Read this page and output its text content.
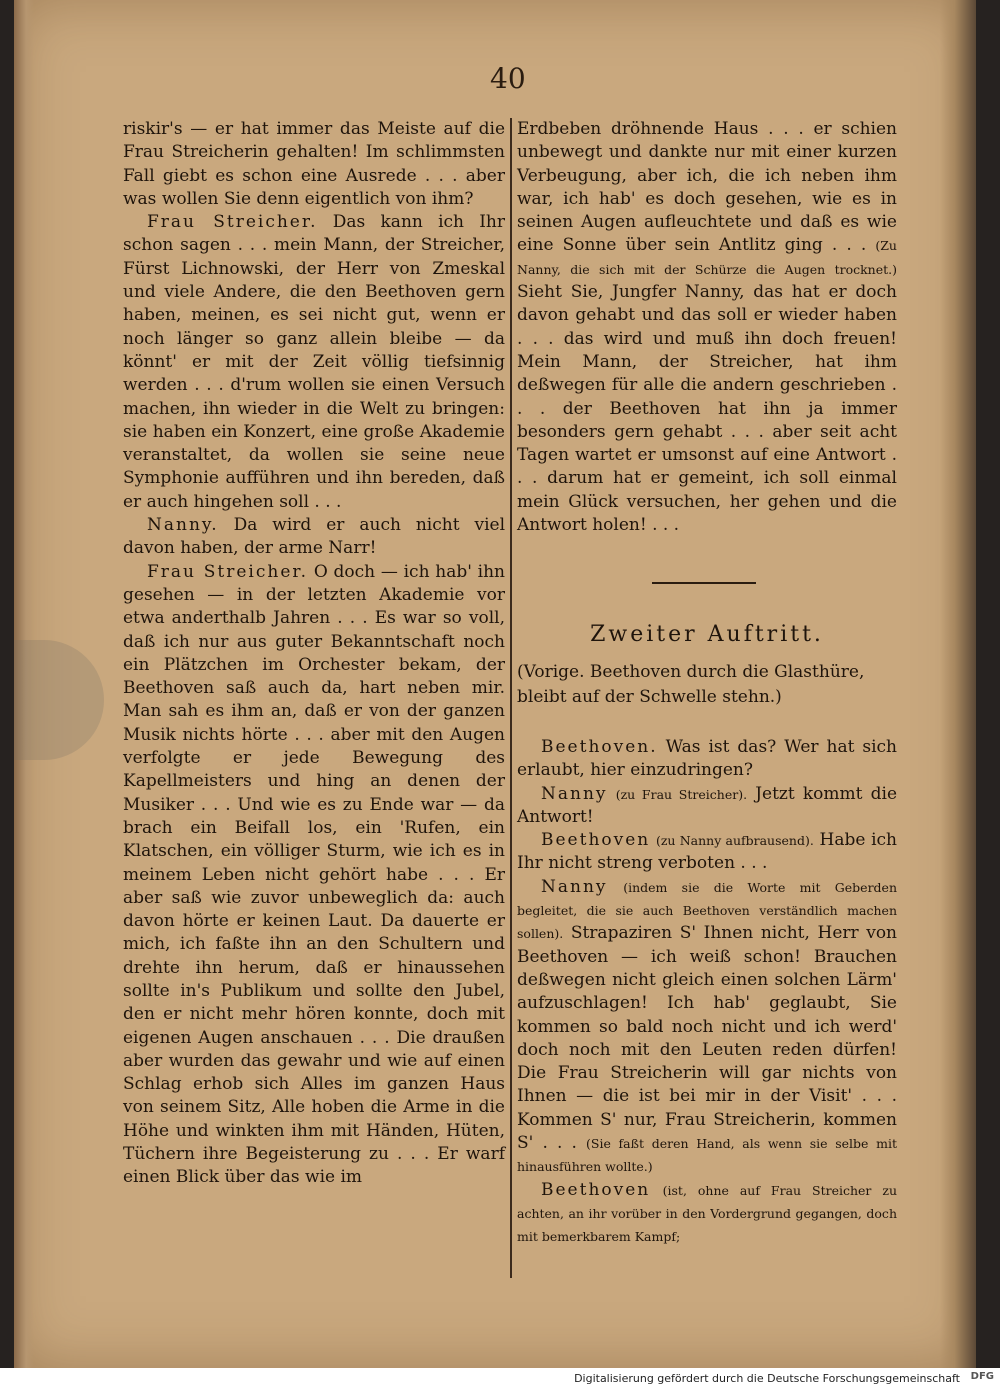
40

riskir's — er hat immer das Meiste auf die Frau Streicherin gehalten! Im schlimmsten Fall giebt es schon eine Ausrede . . . aber was wollen Sie denn eigentlich von ihm?

Frau Streicher. Das kann ich Ihr schon sagen . . . mein Mann, der Streicher, Fürst Lichnowski, der Herr von Zmeskal und viele Andere, die den Beethoven gern haben, meinen, es sei nicht gut, wenn er noch länger so ganz allein bleibe — da könnt' er mit der Zeit völlig tiefsinnig werden . . . d'rum wollen sie einen Versuch machen, ihn wieder in die Welt zu bringen: sie haben ein Konzert, eine große Akademie veranstaltet, da wollen sie seine neue Symphonie aufführen und ihn bereden, daß er auch hingehen soll . . .

Nanny. Da wird er auch nicht viel davon haben, der arme Narr!

Frau Streicher. O doch — ich hab' ihn gesehen — in der letzten Akademie vor etwa anderthalb Jahren . . . Es war so voll, daß ich nur aus guter Bekanntschaft noch ein Plätzchen im Orchester bekam, der Beethoven saß auch da, hart neben mir. Man sah es ihm an, daß er von der ganzen Musik nichts hörte . . . aber mit den Augen verfolgte er jede Bewegung des Kapellmeisters und hing an denen der Musiker . . . Und wie es zu Ende war — da brach ein Beifall los, ein 'Rufen, ein Klatschen, ein völliger Sturm, wie ich es in meinem Leben nicht gehört habe . . . Er aber saß wie zuvor unbeweglich da: auch davon hörte er keinen Laut. Da dauerte er mich, ich faßte ihn an den Schultern und drehte ihn herum, daß er hinaussehen sollte in's Publikum und sollte den Jubel, den er nicht mehr hören konnte, doch mit eigenen Augen anschauen . . . Die draußen aber wurden das gewahr und wie auf einen Schlag erhob sich Alles im ganzen Haus von seinem Sitz, Alle hoben die Arme in die Höhe und winkten ihm mit Händen, Hüten, Tüchern ihre Begeisterung zu . . . Er warf einen Blick über das wie im

Erdbeben dröhnende Haus . . . er schien unbewegt und dankte nur mit einer kurzen Verbeugung, aber ich, die ich neben ihm war, ich hab' es doch gesehen, wie es in seinen Augen aufleuchtete und daß es wie eine Sonne über sein Antlitz ging . . . (Zu Nanny, die sich mit der Schürze die Augen trocknet.) Sieht Sie, Jungfer Nanny, das hat er doch davon gehabt und das soll er wieder haben . . . das wird und muß ihn doch freuen! Mein Mann, der Streicher, hat ihm deßwegen für alle die andern geschrieben . . . der Beethoven hat ihn ja immer besonders gern gehabt . . . aber seit acht Tagen wartet er umsonst auf eine Antwort . . . darum hat er gemeint, ich soll einmal mein Glück versuchen, her gehen und die Antwort holen! . . .

Zweiter Auftritt.
(Vorige. Beethoven durch die Glasthüre, bleibt auf der Schwelle stehn.)

Beethoven. Was ist das? Wer hat sich erlaubt, hier einzudringen?

Nanny (zu Frau Streicher). Jetzt kommt die Antwort!

Beethoven (zu Nanny aufbrausend). Habe ich Ihr nicht streng verboten . . .

Nanny (indem sie die Worte mit Geberden begleitet, die sie auch Beethoven verständlich machen sollen). Strapaziren S' Ihnen nicht, Herr von Beethoven — ich weiß schon! Brauchen deßwegen nicht gleich einen solchen Lärm' aufzuschlagen! Ich hab' geglaubt, Sie kommen so bald noch nicht und ich werd' doch noch mit den Leuten reden dürfen! Die Frau Streicherin will gar nichts von Ihnen — die ist bei mir in der Visit' . . . Kommen S' nur, Frau Streicherin, kommen S' . . . (Sie faßt deren Hand, als wenn sie selbe mit hinausführen wollte.)

Beethoven (ist, ohne auf Frau Streicher zu achten, an ihr vorüber in den Vordergrund gegangen, doch mit bemerkbarem Kampf;

Digitalisierung gefördert durch die Deutsche Forschungsgemeinschaft DFG
